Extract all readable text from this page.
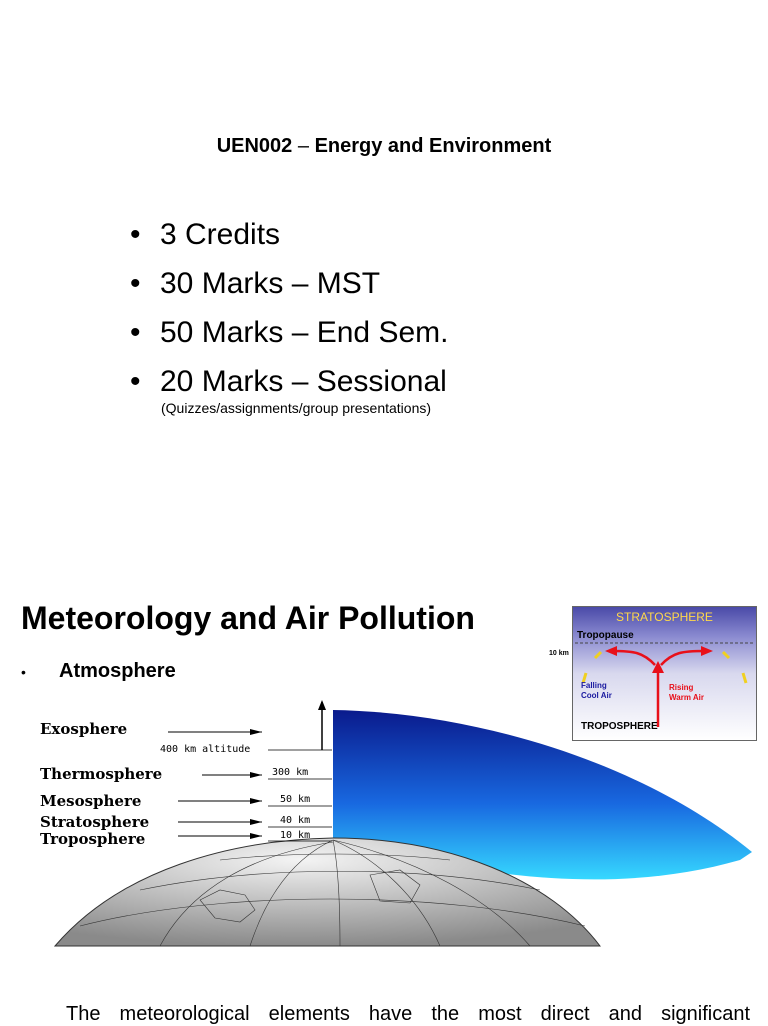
UEN002 – Energy and Environment
• 3 Credits
• 30 Marks – MST
• 50 Marks – End Sem.
• 20 Marks – Sessional
(Quizzes/assignments/group presentations)
Meteorology and Air Pollution
• Atmosphere
Exosphere
Thermosphere
Mesosphere
Stratosphere
Troposphere
400 km altitude
300 km
50 km
40 km
10 km
STRATOSPHERE
Tropopause
10 km
Falling
Cool Air
Rising
Warm Air
TROPOSPHERE
The meteorological elements have the most direct and significant
